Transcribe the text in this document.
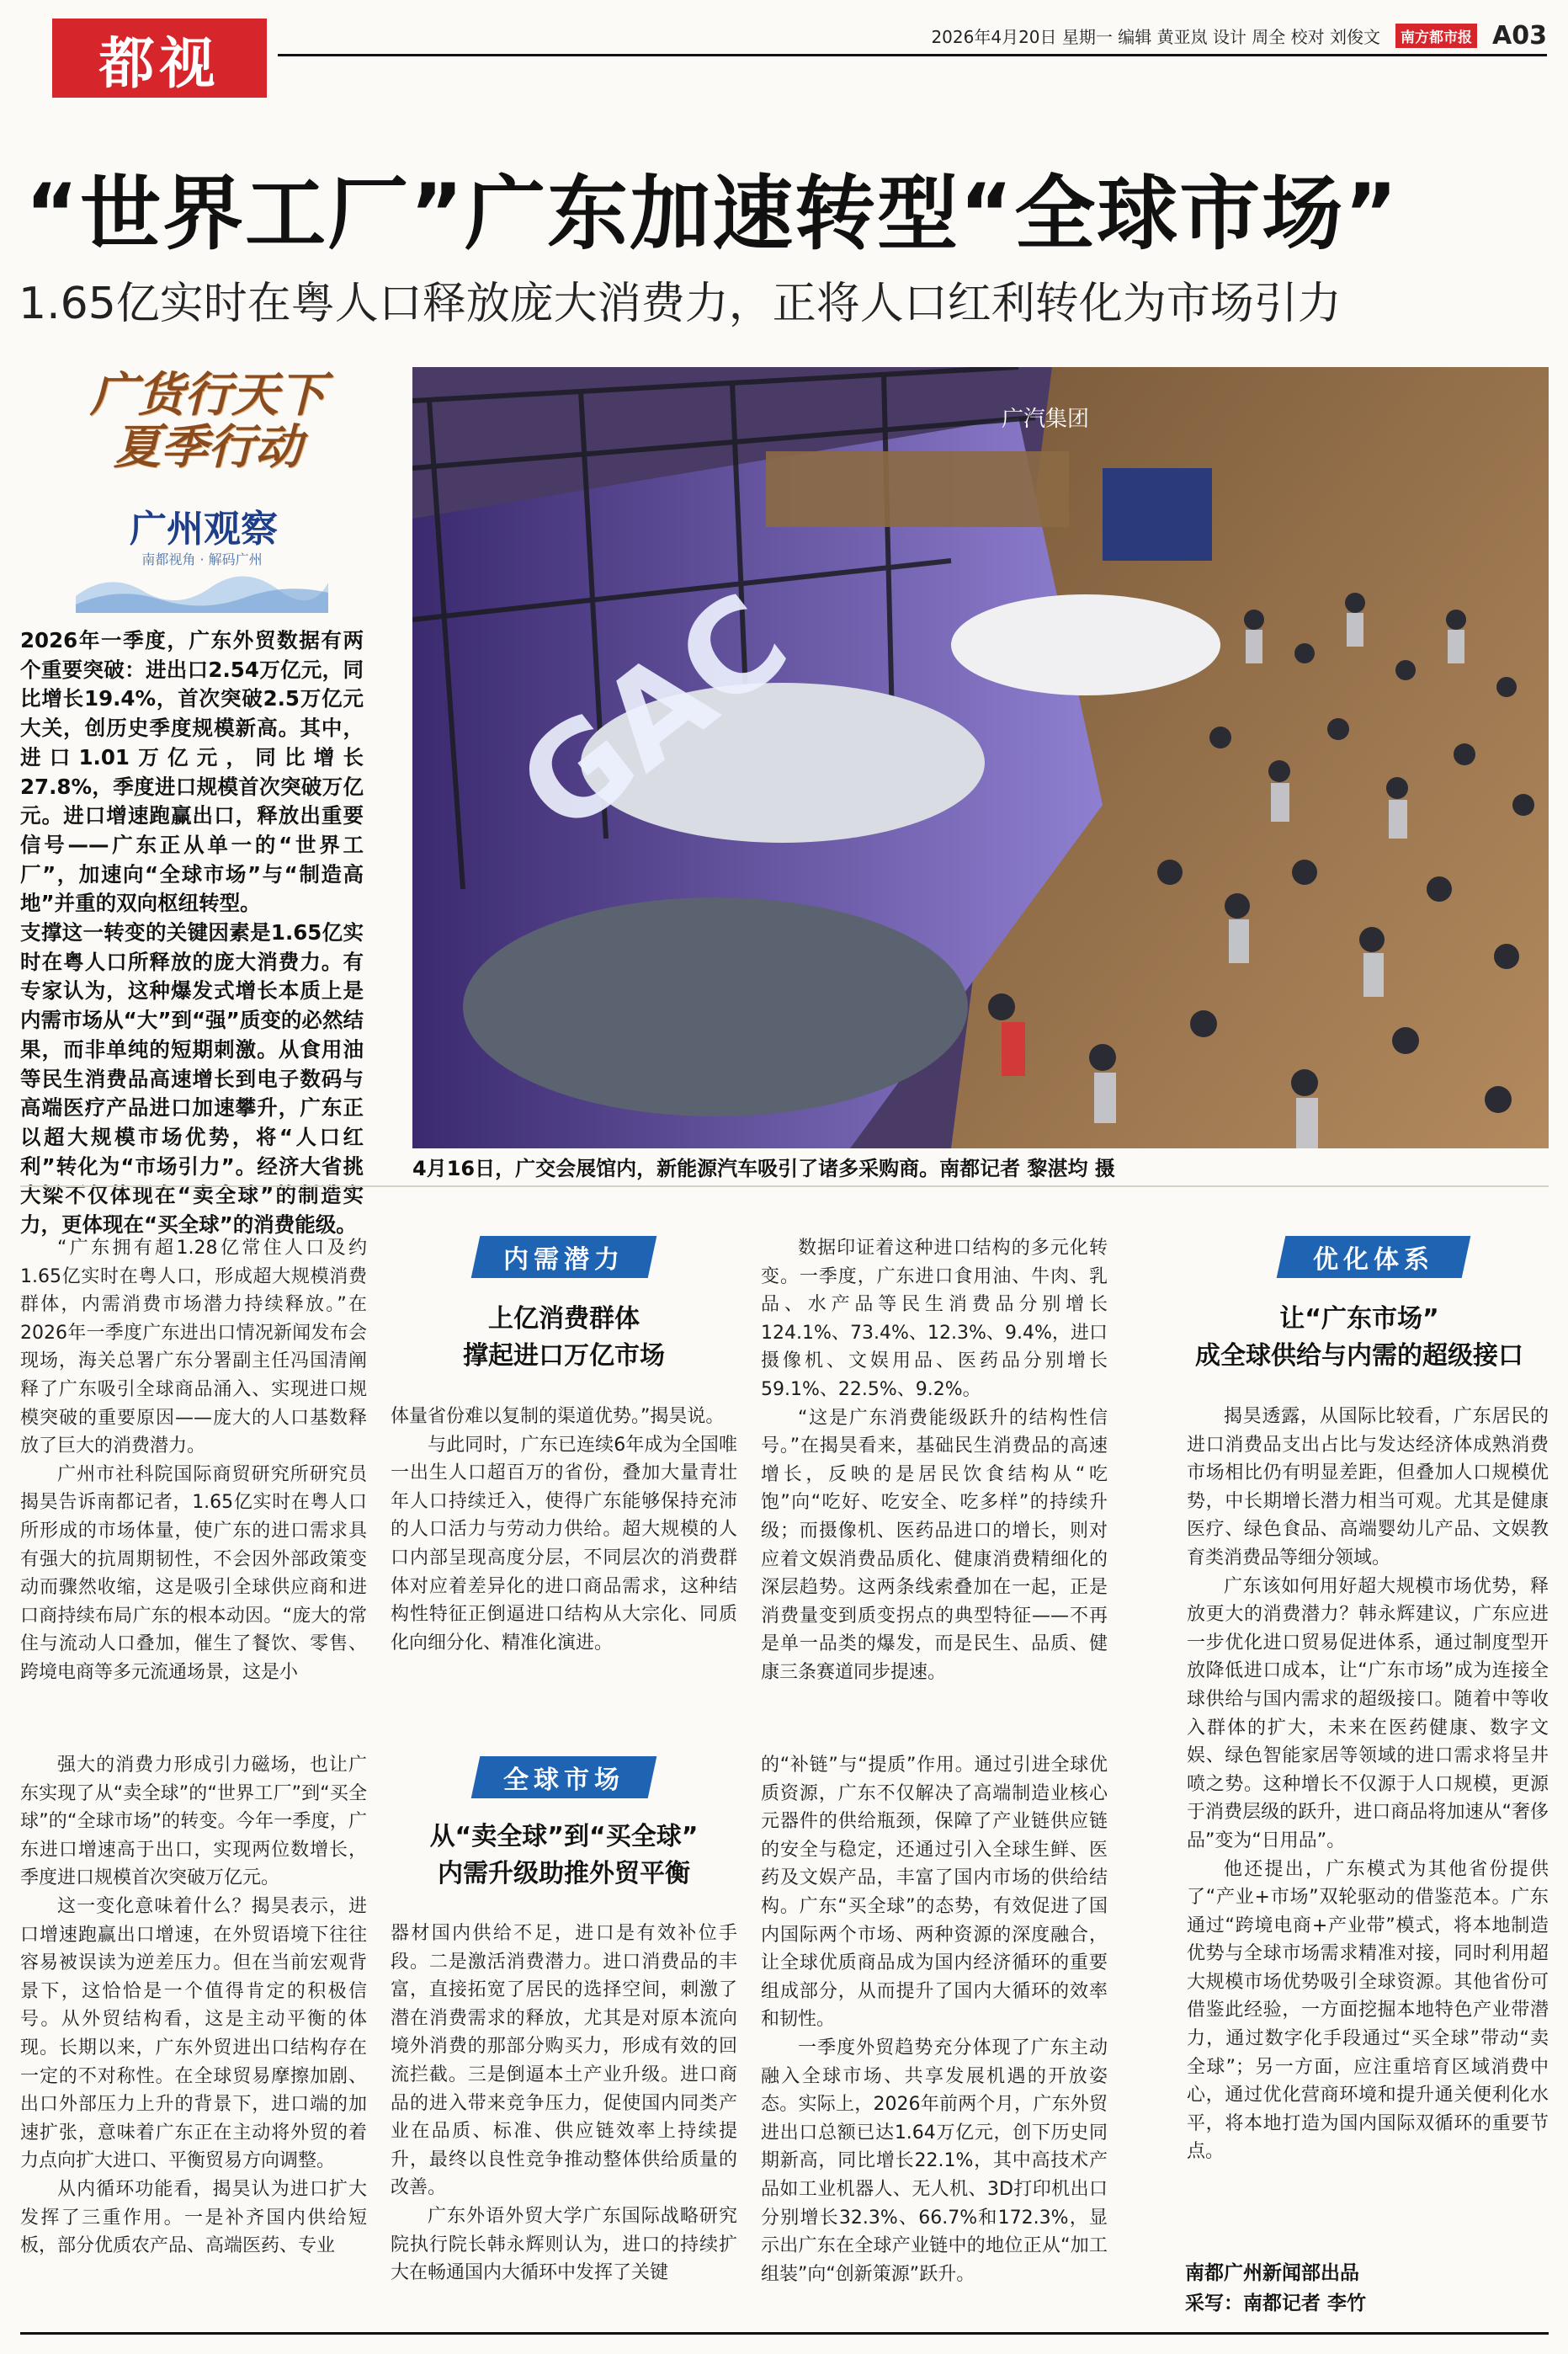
都视	2026年4月20日 星期一 编辑 黄亚岚 设计 周全 校对 刘俊文	南方都市报 A03
“世界工厂”广东加速转型“全球市场”
1.65亿实时在粤人口释放庞大消费力，正将人口红利转化为市场引力
广货行天下
夏季行动
广州观察
南都视角 · 解码广州

2026年一季度，广东外贸数据有两个重要突破：进出口2.54万亿元，同比增长19.4%，首次突破2.5万亿元大关，创历史季度规模新高。其中，进口1.01万亿元，同比增长27.8%，季度进口规模首次突破万亿元。进口增速跑赢出口，释放出重要信号——广东正从单一的“世界工厂”，加速向“全球市场”与“制造高地”并重的双向枢纽转型。

支撑这一转变的关键因素是1.65亿实时在粤人口所释放的庞大消费力。有专家认为，这种爆发式增长本质上是内需市场从“大”到“强”质变的必然结果，而非单纯的短期刺激。从食用油等民生消费品高速增长到电子数码与高端医疗产品进口加速攀升，广东正以超大规模市场优势，将“人口红利”转化为“市场引力”。经济大省挑大梁不仅体现在“卖全球”的制造实力，更体现在“买全球”的消费能级。

广汽集团
GAC
4月16日，广交会展馆内，新能源汽车吸引了诸多采购商。南都记者 黎湛均 摄

“广东拥有超1.28亿常住人口及约1.65亿实时在粤人口，形成超大规模消费群体，内需消费市场潜力持续释放。”在2026年一季度广东进出口情况新闻发布会现场，海关总署广东分署副主任冯国清阐释了广东吸引全球商品涌入、实现进口规模突破的重要原因——庞大的人口基数释放了巨大的消费潜力。

广州市社科院国际商贸研究所研究员揭昊告诉南都记者，1.65亿实时在粤人口所形成的市场体量，使广东的进口需求具有强大的抗周期韧性，不会因外部政策变动而骤然收缩，这是吸引全球供应商和进口商持续布局广东的根本动因。“庞大的常住与流动人口叠加，催生了餐饮、零售、跨境电商等多元流通场景，这是小

内需潜力
上亿消费群体
撑起进口万亿市场

体量省份难以复制的渠道优势。”揭昊说。

与此同时，广东已连续6年成为全国唯一出生人口超百万的省份，叠加大量青壮年人口持续迁入，使得广东能够保持充沛的人口活力与劳动力供给。超大规模的人口内部呈现高度分层，不同层次的消费群体对应着差异化的进口商品需求，这种结构性特征正倒逼进口结构从大宗化、同质化向细分化、精准化演进。

数据印证着这种进口结构的多元化转变。一季度，广东进口食用油、牛肉、乳品、水产品等民生消费品分别增长124.1%、73.4%、12.3%、9.4%，进口摄像机、文娱用品、医药品分别增长59.1%、22.5%、9.2%。

“这是广东消费能级跃升的结构性信号。”在揭昊看来，基础民生消费品的高速增长，反映的是居民饮食结构从“吃饱”向“吃好、吃安全、吃多样”的持续升级；而摄像机、医药品进口的增长，则对应着文娱消费品质化、健康消费精细化的深层趋势。这两条线索叠加在一起，正是消费量变到质变拐点的典型特征——不再是单一品类的爆发，而是民生、品质、健康三条赛道同步提速。

优化体系
让“广东市场”
成全球供给与内需的超级接口

揭昊透露，从国际比较看，广东居民的进口消费品支出占比与发达经济体成熟消费市场相比仍有明显差距，但叠加人口规模优势，中长期增长潜力相当可观。尤其是健康医疗、绿色食品、高端婴幼儿产品、文娱教育类消费品等细分领域。

广东该如何用好超大规模市场优势，释放更大的消费潜力？韩永辉建议，广东应进一步优化进口贸易促进体系，通过制度型开放降低进口成本，让“广东市场”成为连接全球供给与国内需求的超级接口。随着中等收入群体的扩大，未来在医药健康、数字文娱、绿色智能家居等领域的进口需求将呈井喷之势。这种增长不仅源于人口规模，更源于消费层级的跃升，进口商品将加速从“奢侈品”变为“日用品”。

他还提出，广东模式为其他省份提供了“产业+市场”双轮驱动的借鉴范本。广东通过“跨境电商+产业带”模式，将本地制造优势与全球市场需求精准对接，同时利用超大规模市场优势吸引全球资源。其他省份可借鉴此经验，一方面挖掘本地特色产业带潜力，通过数字化手段通过“买全球”带动“卖全球”；另一方面，应注重培育区域消费中心，通过优化营商环境和提升通关便利化水平，将本地打造为国内国际双循环的重要节点。

强大的消费力形成引力磁场，也让广东实现了从“卖全球”的“世界工厂”到“买全球”的“全球市场”的转变。今年一季度，广东进口增速高于出口，实现两位数增长，季度进口规模首次突破万亿元。

这一变化意味着什么？揭昊表示，进口增速跑赢出口增速，在外贸语境下往往容易被误读为逆差压力。但在当前宏观背景下，这恰恰是一个值得肯定的积极信号。从外贸结构看，这是主动平衡的体现。长期以来，广东外贸进出口结构存在一定的不对称性。在全球贸易摩擦加剧、出口外部压力上升的背景下，进口端的加速扩张，意味着广东正在主动将外贸的着力点向扩大进口、平衡贸易方向调整。

从内循环功能看，揭昊认为进口扩大发挥了三重作用。一是补齐国内供给短板，部分优质农产品、高端医药、专业

全球市场
从“卖全球”到“买全球”
内需升级助推外贸平衡

器材国内供给不足，进口是有效补位手段。二是激活消费潜力。进口消费品的丰富，直接拓宽了居民的选择空间，刺激了潜在消费需求的释放，尤其是对原本流向境外消费的那部分购买力，形成有效的回流拦截。三是倒逼本土产业升级。进口商品的进入带来竞争压力，促使国内同类产业在品质、标准、供应链效率上持续提升，最终以良性竞争推动整体供给质量的改善。

广东外语外贸大学广东国际战略研究院执行院长韩永辉则认为，进口的持续扩大在畅通国内大循环中发挥了关键

的“补链”与“提质”作用。通过引进全球优质资源，广东不仅解决了高端制造业核心元器件的供给瓶颈，保障了产业链供应链的安全与稳定，还通过引入全球生鲜、医药及文娱产品，丰富了国内市场的供给结构。广东“买全球”的态势，有效促进了国内国际两个市场、两种资源的深度融合，让全球优质商品成为国内经济循环的重要组成部分，从而提升了国内大循环的效率和韧性。

一季度外贸趋势充分体现了广东主动融入全球市场、共享发展机遇的开放姿态。实际上，2026年前两个月，广东外贸进出口总额已达1.64万亿元，创下历史同期新高，同比增长22.1%，其中高技术产品如工业机器人、无人机、3D打印机出口分别增长32.3%、66.7%和172.3%，显示出广东在全球产业链中的地位正从“加工组装”向“创新策源”跃升。	南都广州新闻部出品
采写：南都记者 李竹
